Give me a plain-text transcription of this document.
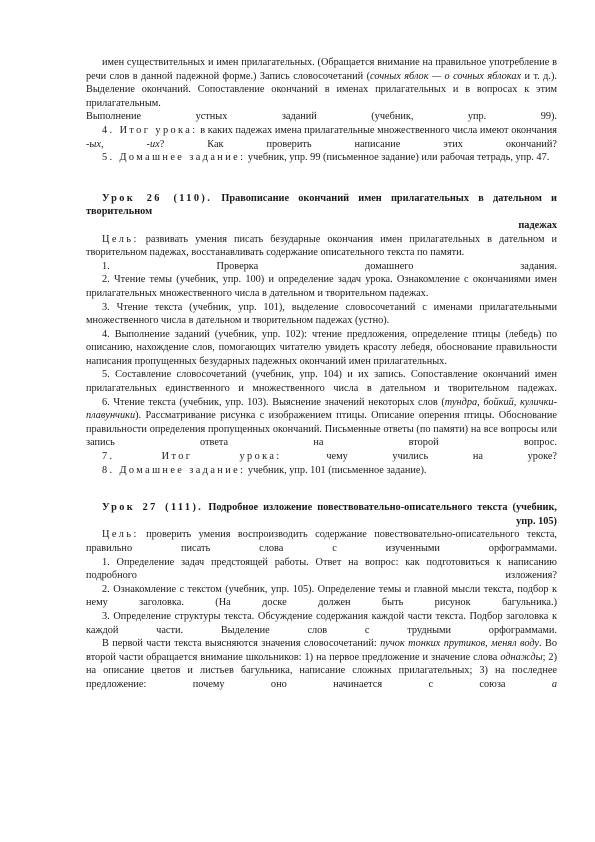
имен существительных и имен прилагательных. (Обращается внимание на правильное употребление в речи слов в данной падежной форме.) Запись словосочетаний (сочных яблок — о сочных яблоках и т. д.). Выделение окончаний. Сопоставление окончаний в именах прилагательных и в вопросах к этим прилагательным.

Выполнение устных заданий (учебник, упр. 99).

4. Итог урока: в каких падежах имена прилагательные множественного числа имеют окончания -ых, -их? Как проверить написание этих окончаний?

5. Домашнее задание: учебник, упр. 99 (письменное задание) или рабочая тетрадь, упр. 47.

Урок 26 (110). Правописание окончаний имен прилагательных в дательном и творительном

падежах

Цель: развивать умения писать безударные окончания имен прилагательных в дательном и творительном падежах, восстанавливать содержание описательного текста по памяти.

1. Проверка домашнего задания.

2. Чтение темы (учебник, упр. 100) и определение задач урока. Ознакомление с окончаниями имен прилагательных множественного числа в дательном и творительном падежах.

3. Чтение текста (учебник, упр. 101), выделение словосочетаний с именами прилагательными множественного числа в дательном и творительном падежах (устно).

4. Выполнение заданий (учебник, упр. 102): чтение предложения, определение птицы (лебедь) по описанию, нахождение слов, помогающих читателю увидеть красоту лебедя, обоснование правильности написания пропущенных безударных падежных окончаний имен прилагательных.

5. Составление словосочетаний (учебник, упр. 104) и их запись. Сопоставление окончаний имен прилагательных единственного и множественного числа в дательном и творительном падежах.

6. Чтение текста (учебник, упр. 103). Выяснение значений некоторых слов (тундра, бойкий, кулички-плавунчики). Рассматривание рисунка с изображением птицы. Описание оперения птицы. Обоснование правильности определения пропущенных окончаний. Письменные ответы (по памяти) на все вопросы или запись ответа на второй вопрос.

7. Итог урока: чему учились на уроке?

8. Домашнее задание: учебник, упр. 101 (письменное задание).

Урок 27 (111). Подробное изложение повествовательно-описательного текста (учебник,

упр. 105)

Цель: проверить умения воспроизводить содержание повествовательно-описательного текста, правильно писать слова с изученными орфограммами.

1. Определение задач предстоящей работы. Ответ на вопрос: как подготовиться к написанию подробного изложения?

2. Ознакомление с текстом (учебник, упр. 105). Определение темы и главной мысли текста, подбор к нему заголовка. (На доске должен быть рисунок багульника.)

3. Определение структуры текста. Обсуждение содержания каждой части текста. Подбор заголовка к каждой части. Выделение слов с трудными орфограммами.

В первой части текста выясняются значения словосочетаний: пучок тонких прутиков, менял воду. Во второй части обращается внимание школьников: 1) на первое предложение и значение слова однажды; 2) на описание цветов и листьев багульника, написание сложных прилагательных; 3) на последнее предложение: почему оно начинается с союза а
